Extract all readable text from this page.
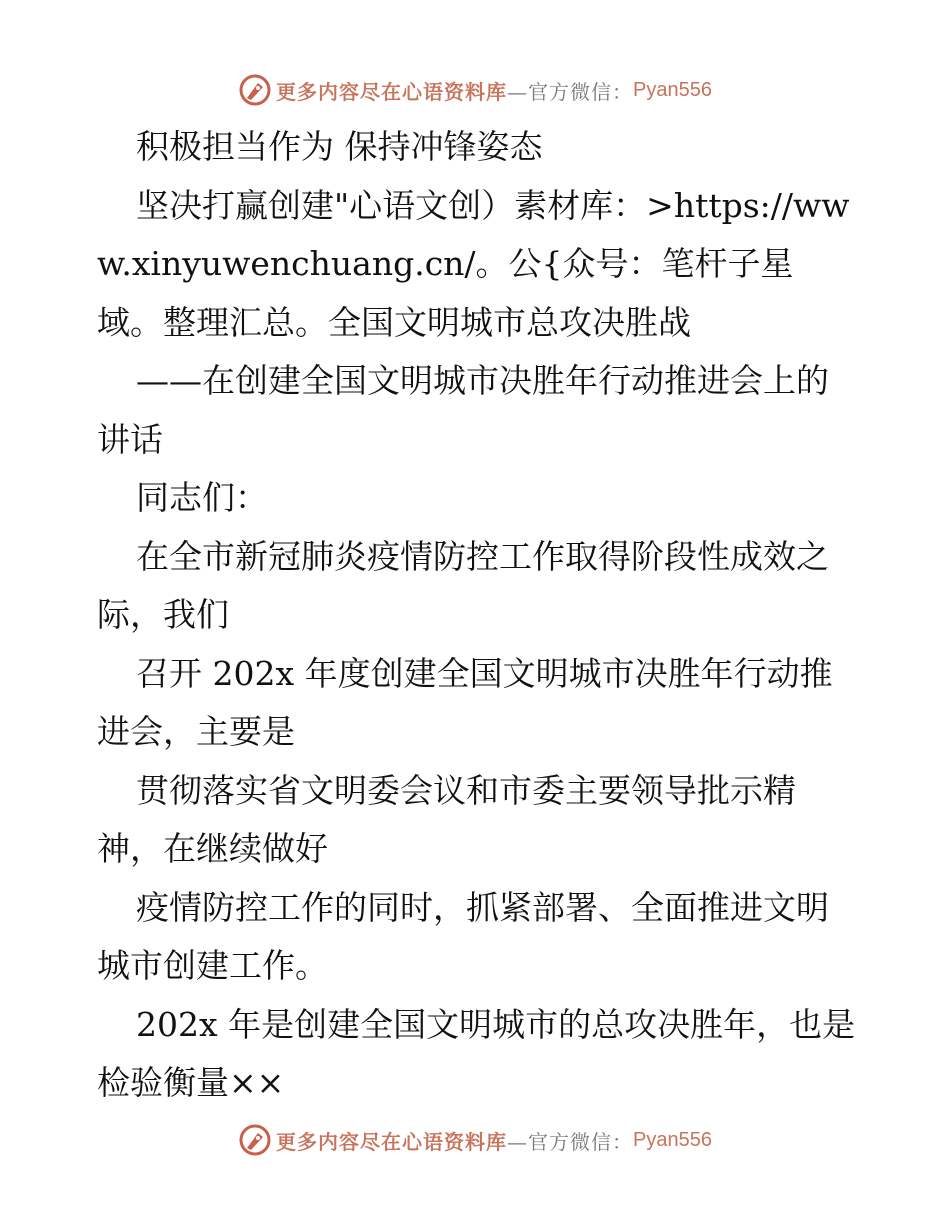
更多内容尽在心语资料库 —官方微信： Pyan556

积极担当作为 保持冲锋姿态

坚决打赢创建"心语文创）素材库：>https://www.xinyuwenchuang.cn/。公{众号：笔杆子星域。整理汇总。全国文明城市总攻决胜战

——在创建全国文明城市决胜年行动推进会上的讲话

同志们：

在全市新冠肺炎疫情防控工作取得阶段性成效之际，我们

召开 202x 年度创建全国文明城市决胜年行动推进会，主要是

贯彻落实省文明委会议和市委主要领导批示精神，在继续做好

疫情防控工作的同时，抓紧部署、全面推进文明城市创建工作。

202x 年是创建全国文明城市的总攻决胜年，也是检验衡量××

更多内容尽在心语资料库 —官方微信： Pyan556
